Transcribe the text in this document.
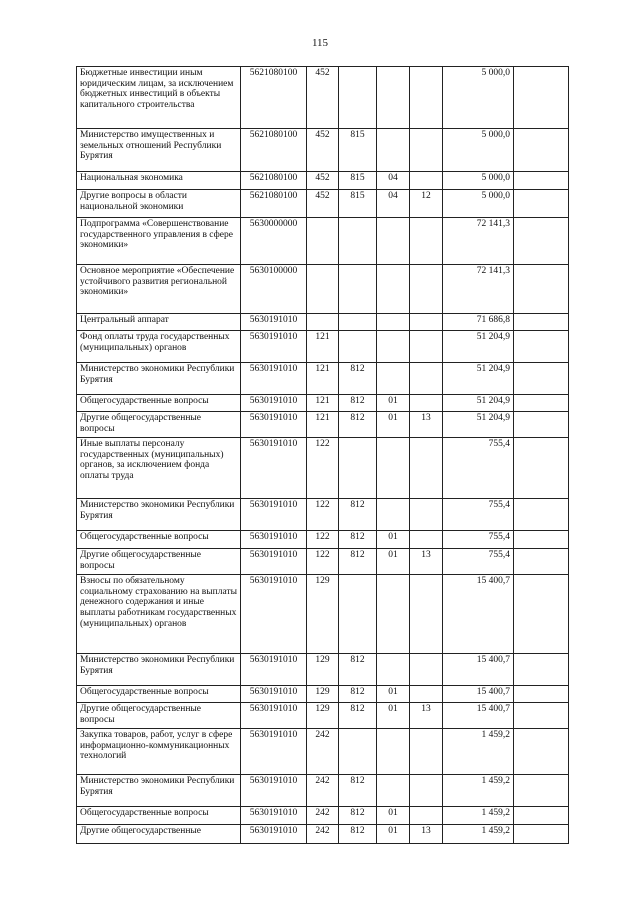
115
Бюджетные инвестиции иным юридическим лицам, за исключением бюджетных инвестиций в объекты капитального строительства	5621080100	452				5 000,0	
Министерство имущественных и земельных отношений Республики Бурятия	5621080100	452	815			5 000,0	
Национальная экономика	5621080100	452	815	04		5 000,0	
Другие вопросы в области национальной экономики	5621080100	452	815	04	12	5 000,0	
Подпрограмма «Совершенствование государственного управления в сфере экономики»	5630000000					72 141,3	
Основное мероприятие «Обеспечение устойчивого развития региональной экономики»	5630100000					72 141,3	
Центральный аппарат	5630191010					71 686,8	
Фонд оплаты труда государственных (муниципальных) органов	5630191010	121				51 204,9	
Министерство экономики Республики Бурятия	5630191010	121	812			51 204,9	
Общегосударственные вопросы	5630191010	121	812	01		51 204,9	
Другие общегосударственные вопросы	5630191010	121	812	01	13	51 204,9	
Иные выплаты персоналу государственных (муниципальных) органов, за исключением фонда оплаты труда	5630191010	122				755,4	
Министерство экономики Республики Бурятия	5630191010	122	812			755,4	
Общегосударственные вопросы	5630191010	122	812	01		755,4	
Другие общегосударственные вопросы	5630191010	122	812	01	13	755,4	
Взносы по обязательному социальному страхованию на выплаты денежного содержания и иные выплаты работникам государственных (муниципальных) органов	5630191010	129				15 400,7	
Министерство экономики Республики Бурятия	5630191010	129	812			15 400,7	
Общегосударственные вопросы	5630191010	129	812	01		15 400,7	
Другие общегосударственные вопросы	5630191010	129	812	01	13	15 400,7	
Закупка товаров, работ, услуг в сфере информационно-коммуникационных технологий	5630191010	242				1 459,2	
Министерство экономики Республики Бурятия	5630191010	242	812			1 459,2	
Общегосударственные вопросы	5630191010	242	812	01		1 459,2	
Другие общегосударственные	5630191010	242	812	01	13	1 459,2	
